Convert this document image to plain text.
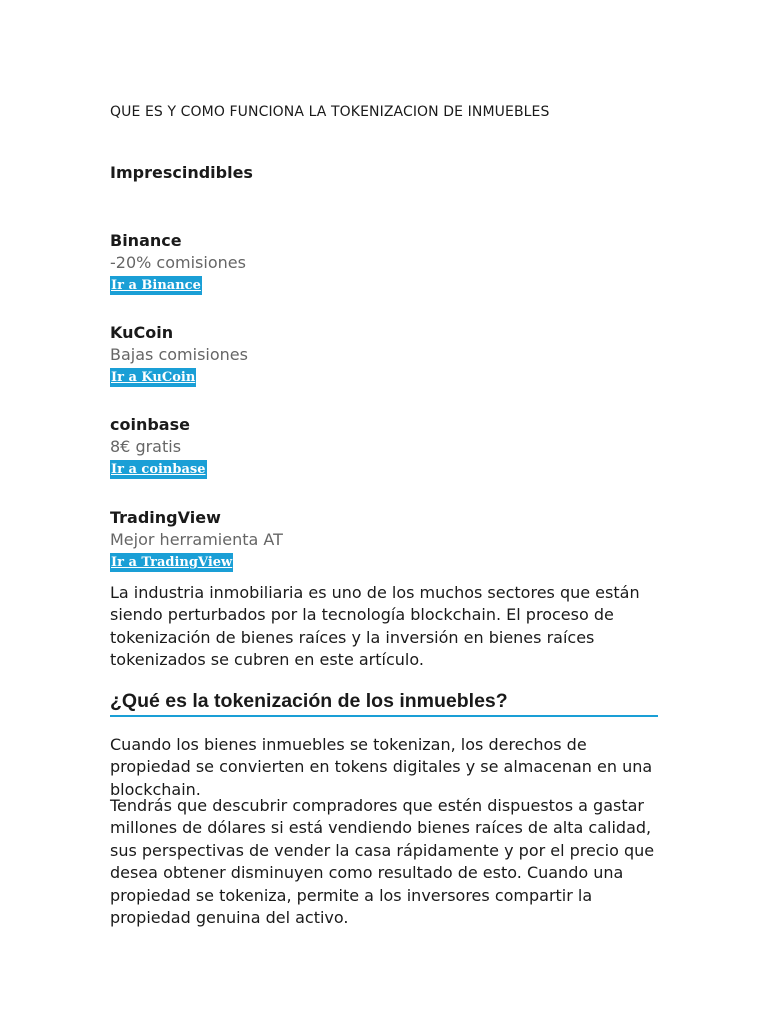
QUE ES Y COMO FUNCIONA LA TOKENIZACION DE INMUEBLES
Imprescindibles
Binance
-20% comisiones
Ir a Binance
KuCoin
Bajas comisiones
Ir a KuCoin
coinbase
8€ gratis
Ir a coinbase
TradingView
Mejor herramienta AT
Ir a TradingView

La industria inmobiliaria es uno de los muchos sectores que están siendo perturbados por la tecnología blockchain. El proceso de tokenización de bienes raíces y la inversión en bienes raíces tokenizados se cubren en este artículo.

¿Qué es la tokenización de los inmuebles?

Cuando los bienes inmuebles se tokenizan, los derechos de propiedad se convierten en tokens digitales y se almacenan en una blockchain.

Tendrás que descubrir compradores que estén dispuestos a gastar millones de dólares si está vendiendo bienes raíces de alta calidad, sus perspectivas de vender la casa rápidamente y por el precio que desea obtener disminuyen como resultado de esto. Cuando una propiedad se tokeniza, permite a los inversores compartir la propiedad genuina del activo.
